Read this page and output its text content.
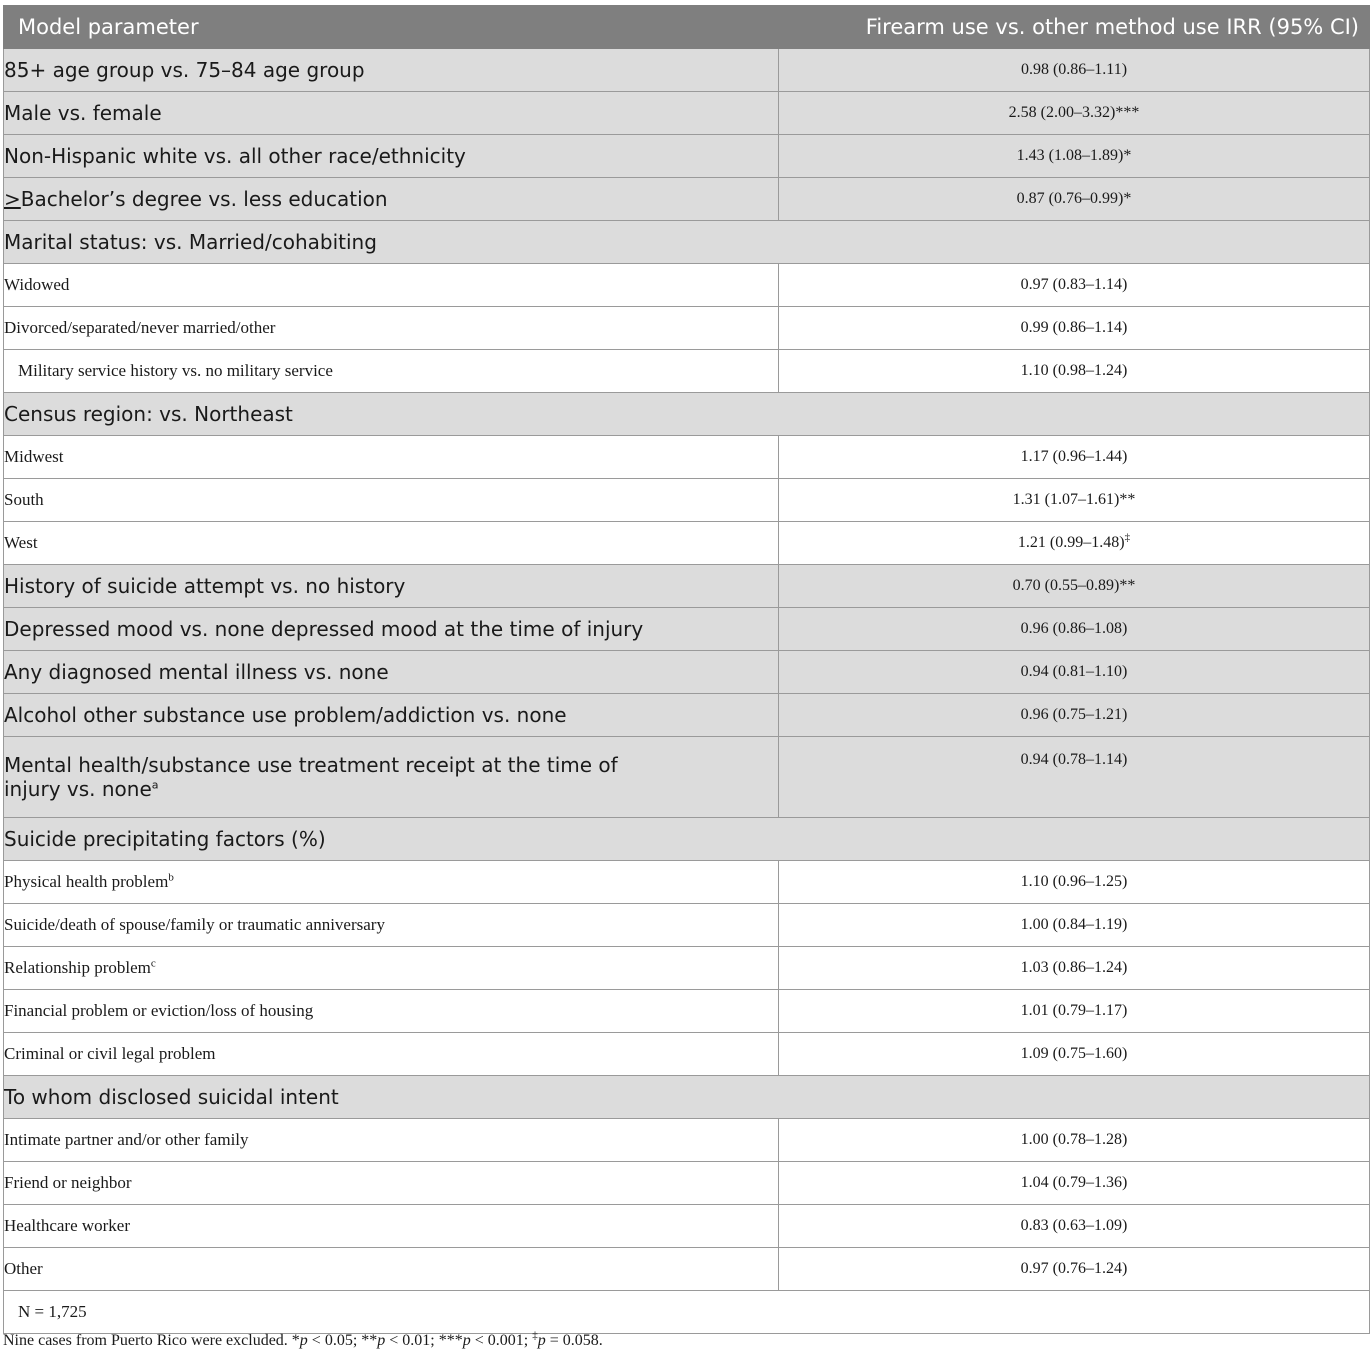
Model parameter	Firearm use vs. other method use IRR (95% CI)
85+ age group vs. 75–84 age group	0.98 (0.86–1.11)
Male vs. female	2.58 (2.00–3.32)***
Non-Hispanic white vs. all other race/ethnicity	1.43 (1.08–1.89)*
>Bachelor’s degree vs. less education	0.87 (0.76–0.99)*
Marital status: vs. Married/cohabiting	
Widowed	0.97 (0.83–1.14)
Divorced/separated/never married/other	0.99 (0.86–1.14)
Military service history vs. no military service	1.10 (0.98–1.24)
Census region: vs. Northeast	
Midwest	1.17 (0.96–1.44)
South	1.31 (1.07–1.61)**
West	1.21 (0.99–1.48)‡
History of suicide attempt vs. no history	0.70 (0.55–0.89)**
Depressed mood vs. none depressed mood at the time of injury	0.96 (0.86–1.08)
Any diagnosed mental illness vs. none	0.94 (0.81–1.10)
Alcohol other substance use problem/addiction vs. none	0.96 (0.75–1.21)
Mental health/substance use treatment receipt at the time of
injury vs. none$^a$	0.94 (0.78–1.14)
Suicide precipitating factors (%)	
Physical health problem$^b$	1.10 (0.96–1.25)
Suicide/death of spouse/family or traumatic anniversary	1.00 (0.84–1.19)
Relationship problem$^c$	1.03 (0.86–1.24)
Financial problem or eviction/loss of housing	1.01 (0.79–1.17)
Criminal or civil legal problem	1.09 (0.75–1.60)
To whom disclosed suicidal intent	
Intimate partner and/or other family	1.00 (0.78–1.28)
Friend or neighbor	1.04 (0.79–1.36)
Healthcare worker	0.83 (0.63–1.09)
Other	0.97 (0.76–1.24)
N = 1,725	
Nine cases from Puerto Rico were excluded. *p < 0.05; **p < 0.01; ***p < 0.001; ‡p = 0.058.
